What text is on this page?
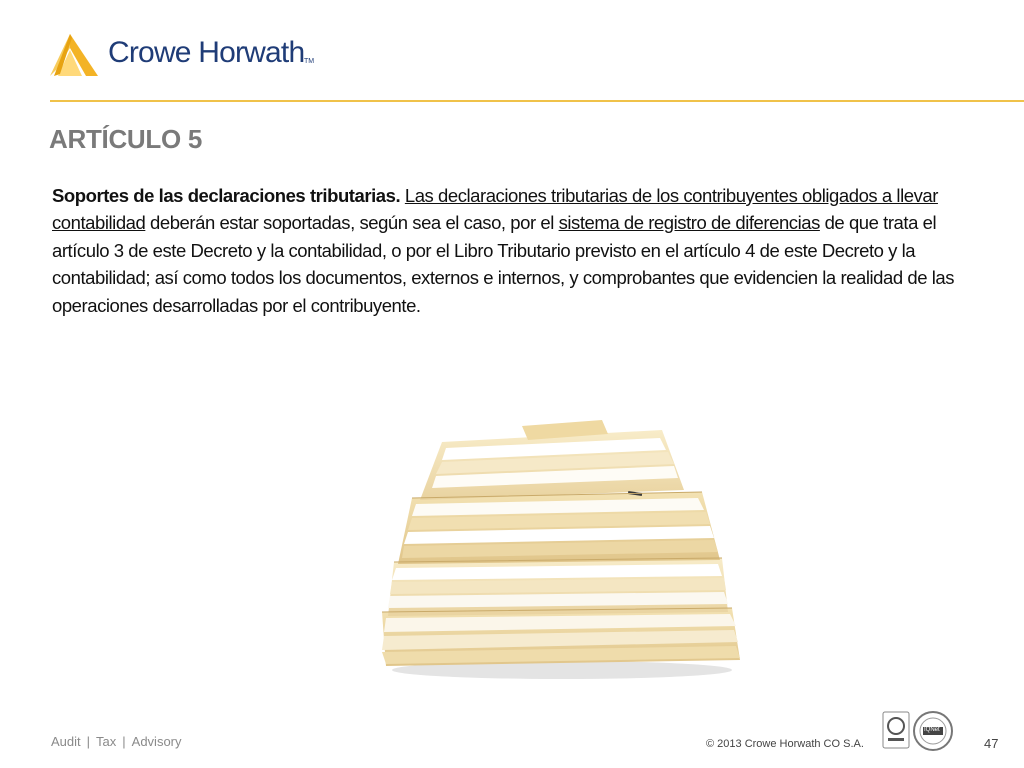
Crowe Horwath TM
ARTÍCULO 5

Soportes de las declaraciones tributarias. Las declaraciones tributarias de los contribuyentes obligados a llevar contabilidad deberán estar soportadas, según sea el caso, por el sistema de registro de diferencias de que trata el artículo 3 de este Decreto y la contabilidad, o por el Libro Tributario previsto en el artículo 4 de este Decreto y la contabilidad; así como todos los documentos, externos e internos, y comprobantes que evidencien la realidad de las operaciones desarrolladas por el contribuyente.

Audit | Tax | Advisory	© 2013 Crowe Horwath CO S.A.
IQNet
47
